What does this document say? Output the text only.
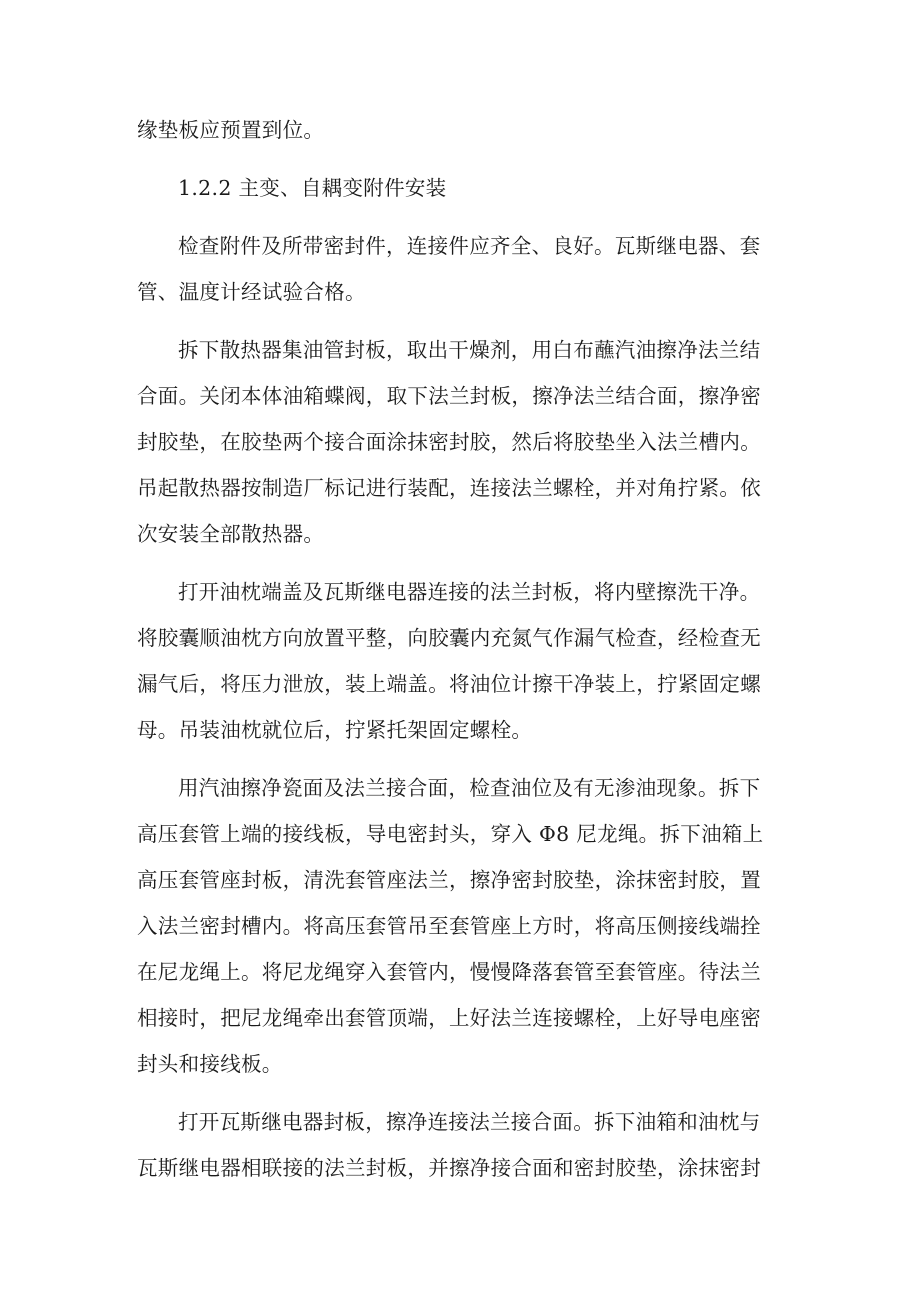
缘垫板应预置到位。

1.2.2 主变、自耦变附件安装

检查附件及所带密封件，连接件应齐全、良好。瓦斯继电器、套
管、温度计经试验合格。

拆下散热器集油管封板，取出干燥剂，用白布蘸汽油擦净法兰结
合面。关闭本体油箱蝶阀，取下法兰封板，擦净法兰结合面，擦净密
封胶垫，在胶垫两个接合面涂抹密封胶，然后将胶垫坐入法兰槽内。
吊起散热器按制造厂标记进行装配，连接法兰螺栓，并对角拧紧。依
次安装全部散热器。

打开油枕端盖及瓦斯继电器连接的法兰封板，将内壁擦洗干净。
将胶囊顺油枕方向放置平整，向胶囊内充氮气作漏气检查，经检查无
漏气后，将压力泄放，装上端盖。将油位计擦干净装上，拧紧固定螺
母。吊装油枕就位后，拧紧托架固定螺栓。

用汽油擦净瓷面及法兰接合面，检查油位及有无渗油现象。拆下
高压套管上端的接线板，导电密封头，穿入 Φ8 尼龙绳。拆下油箱上
高压套管座封板，清洗套管座法兰，擦净密封胶垫，涂抹密封胶，置
入法兰密封槽内。将高压套管吊至套管座上方时，将高压侧接线端拴
在尼龙绳上。将尼龙绳穿入套管内，慢慢降落套管至套管座。待法兰
相接时，把尼龙绳牵出套管顶端，上好法兰连接螺栓，上好导电座密
封头和接线板。

打开瓦斯继电器封板，擦净连接法兰接合面。拆下油箱和油枕与
瓦斯继电器相联接的法兰封板，并擦净接合面和密封胶垫，涂抹密封
